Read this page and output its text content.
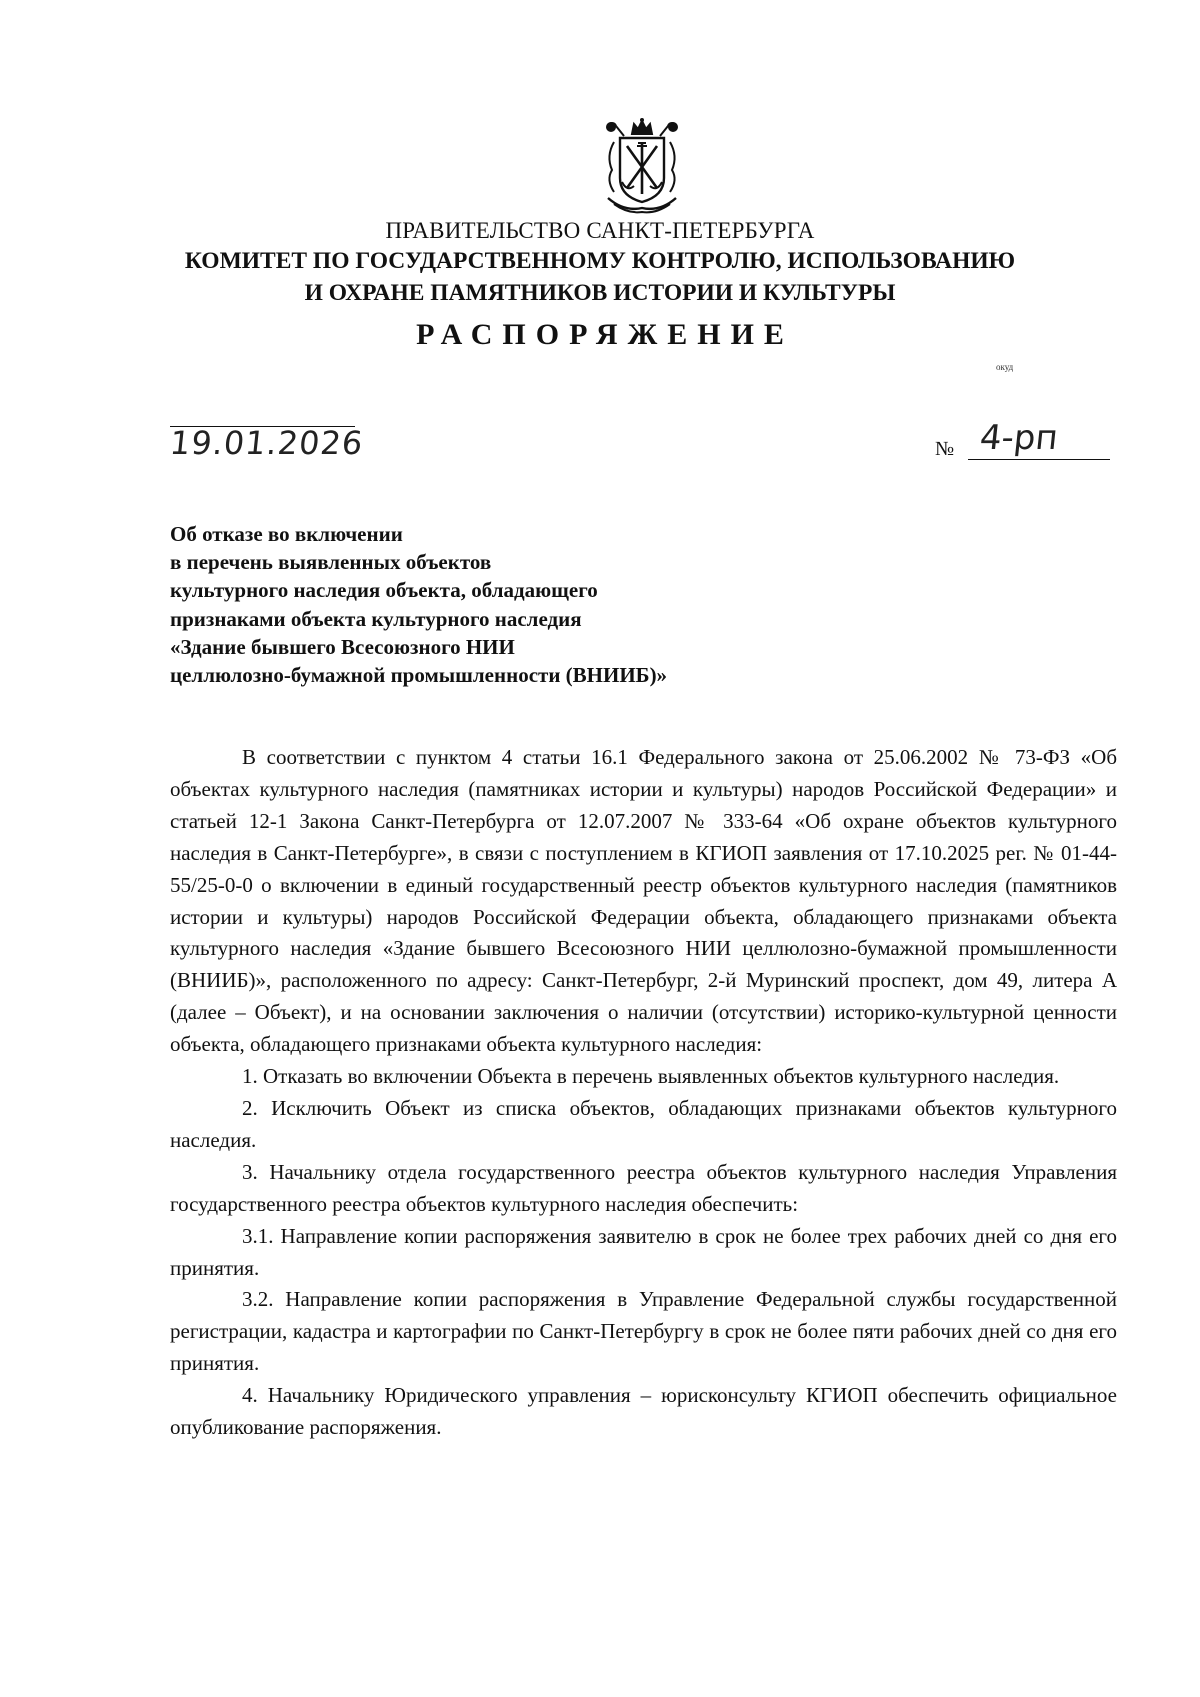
ПРАВИТЕЛЬСТВО САНКТ-ПЕТЕРБУРГА
КОМИТЕТ ПО ГОСУДАРСТВЕННОМУ КОНТРОЛЮ, ИСПОЛЬЗОВАНИЮ
И ОХРАНЕ ПАМЯТНИКОВ ИСТОРИИ И КУЛЬТУРЫ
РАСПОРЯЖЕНИЕ
окуд
19.01.2026	№ 4-рп
Об отказе во включении
в перечень выявленных объектов
культурного наследия объекта, обладающего
признаками объекта культурного наследия
«Здание бывшего Всесоюзного НИИ
целлюлозно-бумажной промышленности (ВНИИБ)»

В соответствии с пунктом 4 статьи 16.1 Федерального закона от 25.06.2002 № 73-ФЗ «Об объектах культурного наследия (памятниках истории и культуры) народов Российской Федерации» и статьей 12-1 Закона Санкт-Петербурга от 12.07.2007 № 333-64 «Об охране объектов культурного наследия в Санкт-Петербурге», в связи с поступлением в КГИОП заявления от 17.10.2025 рег. № 01-44-55/25-0-0 о включении в единый государственный реестр объектов культурного наследия (памятников истории и культуры) народов Российской Федерации объекта, обладающего признаками объекта культурного наследия «Здание бывшего Всесоюзного НИИ целлюлозно-бумажной промышленности (ВНИИБ)», расположенного по адресу: Санкт-Петербург, 2-й Муринский проспект, дом 49, литера А (далее – Объект), и на основании заключения о наличии (отсутствии) историко-культурной ценности объекта, обладающего признаками объекта культурного наследия:

1. Отказать во включении Объекта в перечень выявленных объектов культурного наследия.

2. Исключить Объект из списка объектов, обладающих признаками объектов культурного наследия.

3. Начальнику отдела государственного реестра объектов культурного наследия Управления государственного реестра объектов культурного наследия обеспечить:

3.1. Направление копии распоряжения заявителю в срок не более трех рабочих дней со дня его принятия.

3.2. Направление копии распоряжения в Управление Федеральной службы государственной регистрации, кадастра и картографии по Санкт-Петербургу в срок не более пяти рабочих дней со дня его принятия.

4. Начальнику Юридического управления – юрисконсульту КГИОП обеспечить официальное опубликование распоряжения.
